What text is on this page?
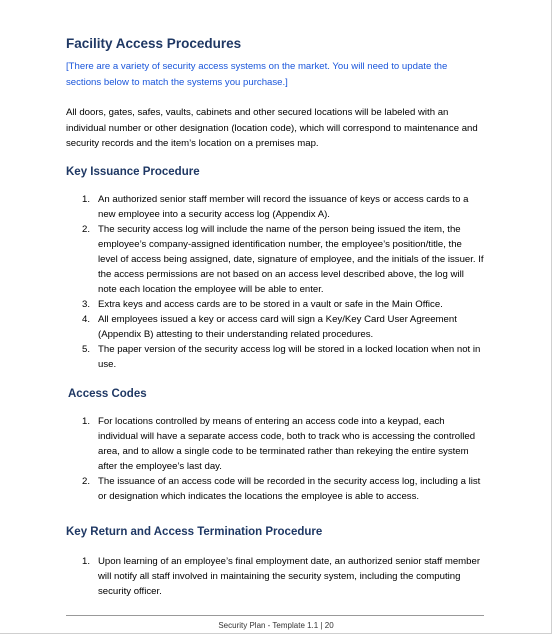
Facility Access Procedures

[There are a variety of security access systems on the market. You will need to update the sections below to match the systems you purchase.]

All doors, gates, safes, vaults, cabinets and other secured locations will be labeled with an individual number or other designation (location code), which will correspond to maintenance and security records and the item’s location on a premises map.

Key Issuance Procedure
1. An authorized senior staff member will record the issuance of keys or access cards to a new employee into a security access log (Appendix A).
2. The security access log will include the name of the person being issued the item, the employee’s company-assigned identification number, the employee’s position/title, the level of access being assigned, date, signature of employee, and the initials of the issuer. If the access permissions are not based on an access level described above, the log will note each location the employee will be able to enter.
3. Extra keys and access cards are to be stored in a vault or safe in the Main Office.
4. All employees issued a key or access card will sign a Key/Key Card User Agreement (Appendix B) attesting to their understanding related procedures.
5. The paper version of the security access log will be stored in a locked location when not in use.
Access Codes
1. For locations controlled by means of entering an access code into a keypad, each individual will have a separate access code, both to track who is accessing the controlled area, and to allow a single code to be terminated rather than rekeying the entire system after the employee’s last day.
2. The issuance of an access code will be recorded in the security access log, including a list or designation which indicates the locations the employee is able to access.
Key Return and Access Termination Procedure
1. Upon learning of an employee’s final employment date, an authorized senior staff member will notify all staff involved in maintaining the security system, including the computing security officer.
Security Plan - Template 1.1 | 20
